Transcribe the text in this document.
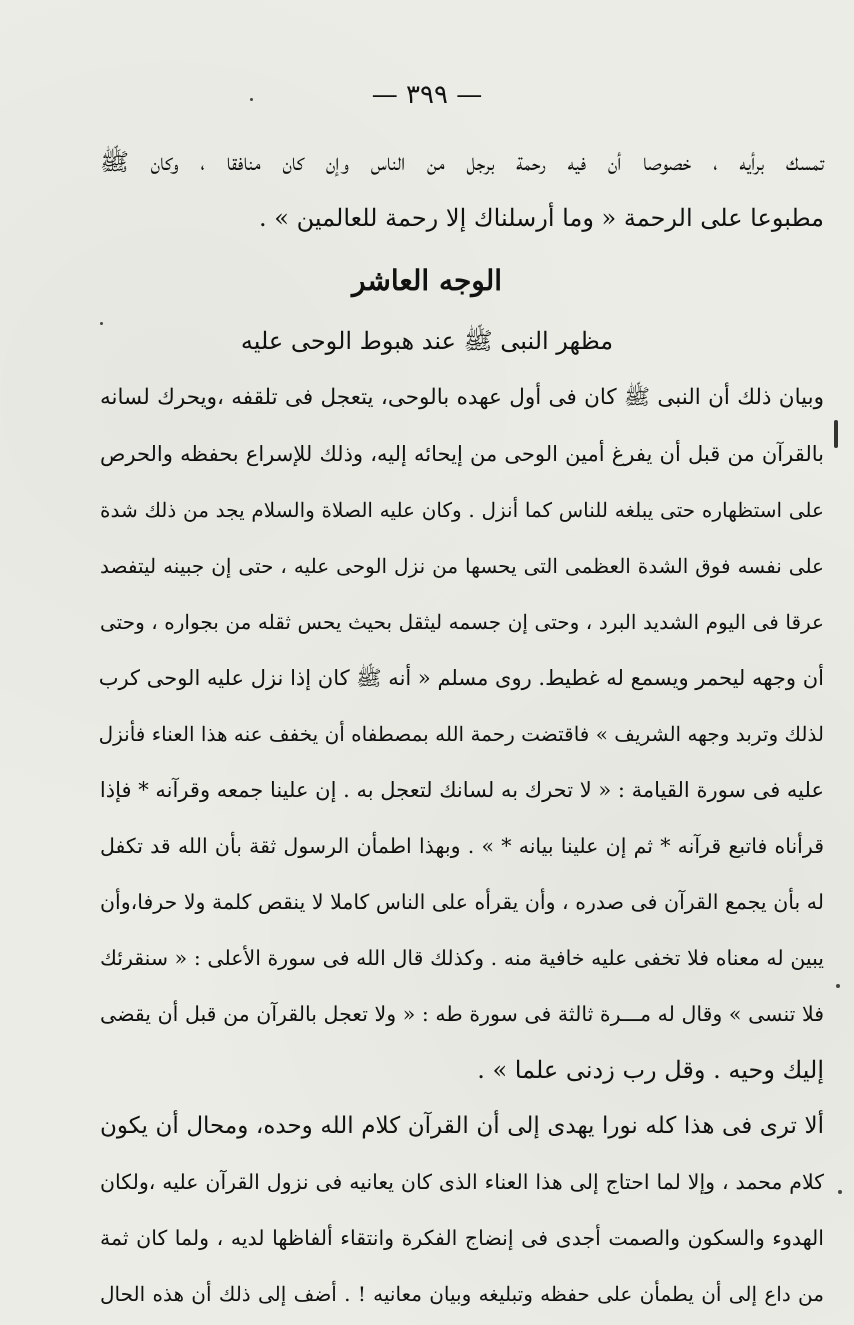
— ٣٩٩ —
تمسك برأيه ، خصوصا أن فيه رحمة برجل من الناس وإن كان منافقا ، وكان ﷺ
مطبوعا على الرحمة « وما أرسلناك إلا رحمة للعالمين » .
الوجه العاشر
مظهر النبى ﷺ عند هبوط الوحى عليه
وبيان ذلك أن النبى ﷺ كان فى أول عهده بالوحى، يتعجل فى تلقفه ،ويحرك لسانه
بالقرآن من قبل أن يفرغ أمين الوحى من إيحائه إليه، وذلك للإسراع بحفظه والحرص
على استظهاره حتى يبلغه للناس كما أنزل . وكان عليه الصلاة والسلام يجد من ذلك شدة
على نفسه فوق الشدة العظمى التى يحسها من نزل الوحى عليه ، حتى إن جبينه ليتفصد
عرقا فى اليوم الشديد البرد ، وحتى إن جسمه ليثقل بحيث يحس ثقله من بجواره ، وحتى
أن وجهه ليحمر ويسمع له غطيط. روى مسلم « أنه ﷺ كان إذا نزل عليه الوحى كرب
لذلك وتربد وجهه الشريف » فاقتضت رحمة الله بمصطفاه أن يخفف عنه هذا العناء فأنزل
عليه فى سورة القيامة : « لا تحرك به لسانك لتعجل به . إن علينا جمعه وقرآنه * فإذا
قرأناه فاتبع قرآنه * ثم إن علينا بيانه * » . وبهذا اطمأن الرسول ثقة بأن الله قد تكفل
له بأن يجمع القرآن فى صدره ، وأن يقرأه على الناس كاملا لا ينقص كلمة ولا حرفا،وأن
يبين له معناه فلا تخفى عليه خافية منه . وكذلك قال الله فى سورة الأعلى : « سنقرئك
فلا تنسى » وقال له مـــرة ثالثة فى سورة طه : « ولا تعجل بالقرآن من قبل أن يقضى
إليك وحيه . وقل رب زدنى علما » .
ألا ترى فى هذا كله نورا يهدى إلى أن القرآن كلام الله وحده، ومحال أن يكون
كلام محمد ، وإلا لما احتاج إلى هذا العناء الذى كان يعانيه فى نزول القرآن عليه ،ولكان
الهدوء والسكون والصمت أجدى فى إنضاج الفكرة وانتقاء ألفاظها لديه ، ولما كان ثمة
من داع إلى أن يطمأن على حفظه وتبليغه وبيان معانيه ! . أضف إلى ذلك أن هذه الحال
